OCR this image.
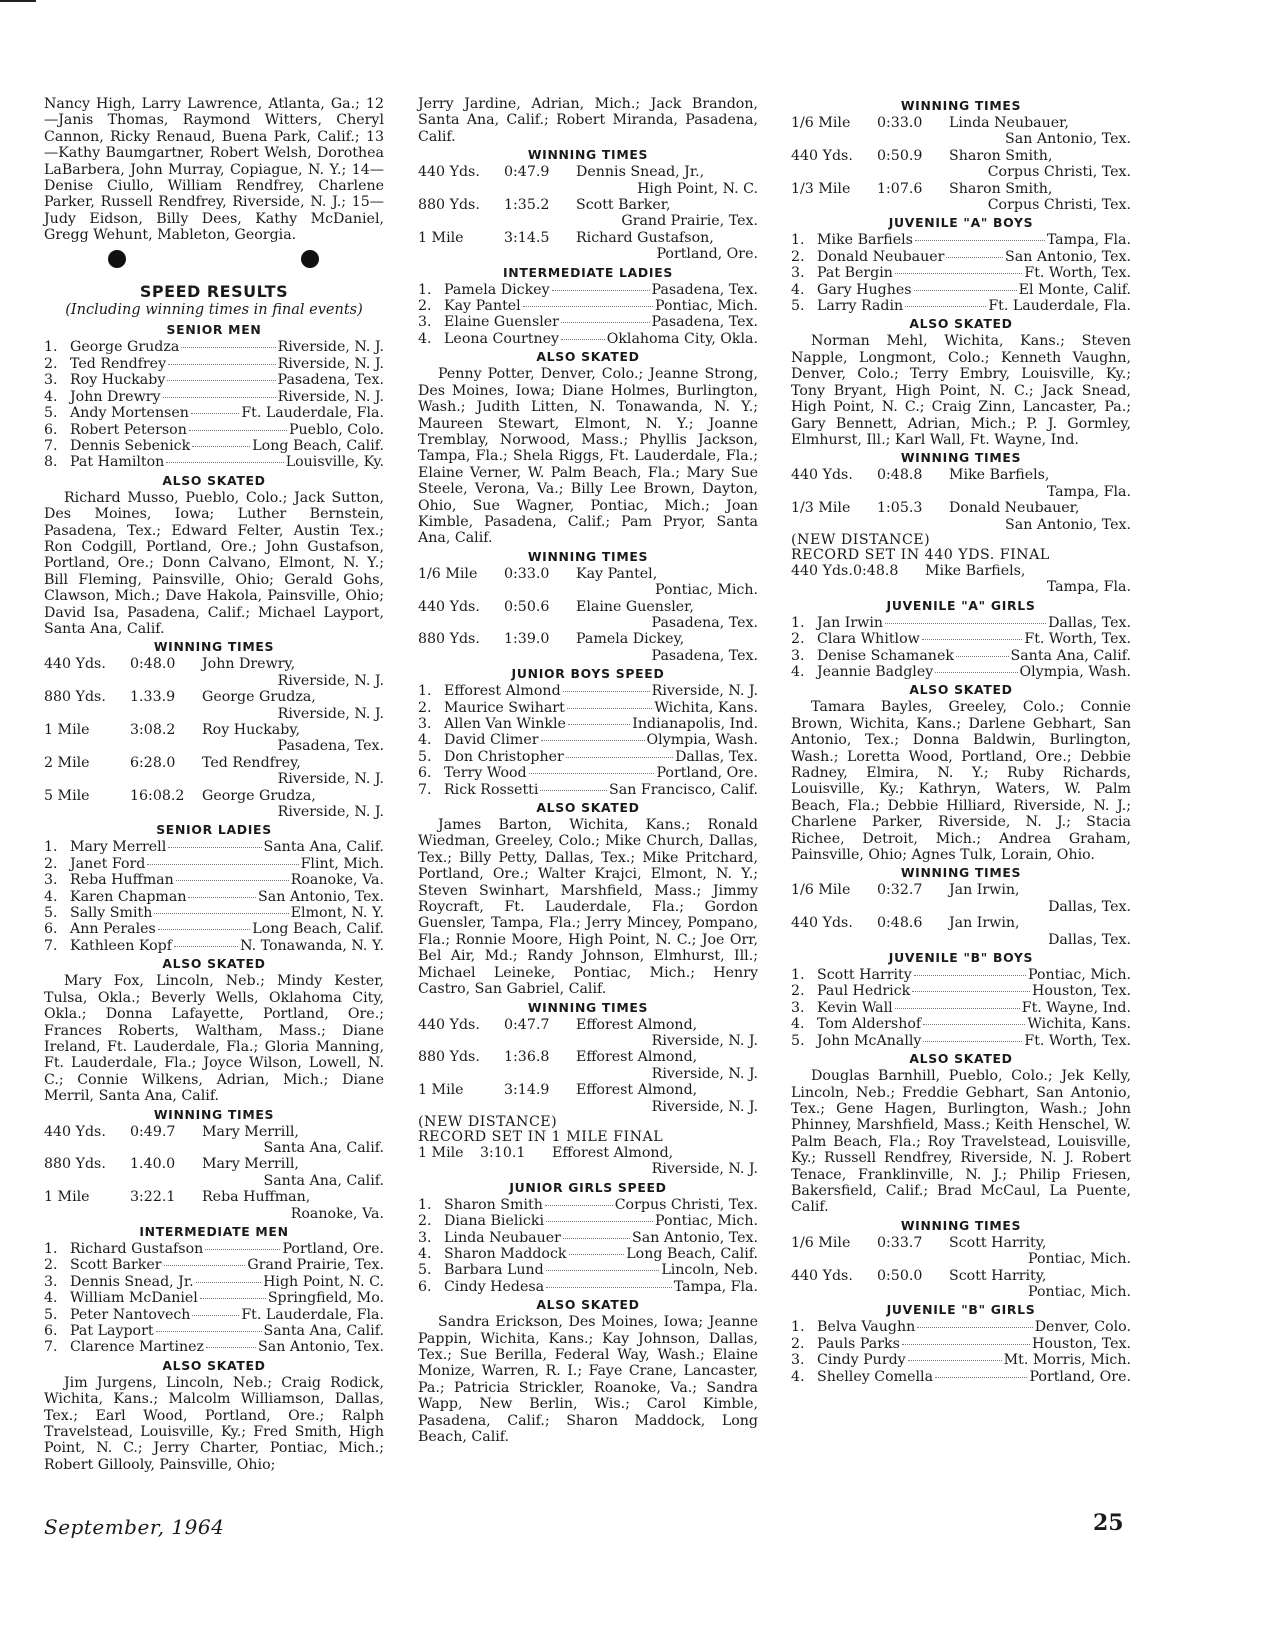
Nancy High, Larry Lawrence, Atlanta, Ga.; 12—Janis Thomas, Raymond Witters, Cheryl Cannon, Ricky Renaud, Buena Park, Calif.; 13—Kathy Baumgartner, Robert Welsh, Dorothea LaBarbera, John Murray, Copiague, N. Y.; 14—Denise Ciullo, William Rendfrey, Charlene Parker, Russell Rendfrey, Riverside, N. J.; 15—Judy Eidson, Billy Dees, Kathy McDaniel, Gregg Wehunt, Mableton, Georgia.

SPEED RESULTS
(Including winning times in final events)
SENIOR MEN
1. George Grudza	Riverside, N. J.
2. Ted Rendfrey	Riverside, N. J.
3. Roy Huckaby	Pasadena, Tex.
4. John Drewry	Riverside, N. J.
5. Andy Mortensen	Ft. Lauderdale, Fla.
6. Robert Peterson	Pueblo, Colo.
7. Dennis Sebenick	Long Beach, Calif.
8. Pat Hamilton	Louisville, Ky.
ALSO SKATED

Richard Musso, Pueblo, Colo.; Jack Sutton, Des Moines, Iowa; Luther Bernstein, Pasadena, Tex.; Edward Felter, Austin Tex.; Ron Codgill, Portland, Ore.; John Gustafson, Portland, Ore.; Donn Calvano, Elmont, N. Y.; Bill Fleming, Painsville, Ohio; Gerald Gohs, Clawson, Mich.; Dave Hakola, Painsville, Ohio; David Isa, Pasadena, Calif.; Michael Layport, Santa Ana, Calif.

WINNING TIMES
440 Yds.	0:48.0	John Drewry,
Riverside, N. J.
880 Yds.	1.33.9	George Grudza,
Riverside, N. J.
1 Mile	3:08.2	Roy Huckaby,
Pasadena, Tex.
2 Mile	6:28.0	Ted Rendfrey,
Riverside, N. J.
5 Mile	16:08.2	George Grudza,
Riverside, N. J.
SENIOR LADIES
1. Mary Merrell	Santa Ana, Calif.
2. Janet Ford	Flint, Mich.
3. Reba Huffman	Roanoke, Va.
4. Karen Chapman	San Antonio, Tex.
5. Sally Smith	Elmont, N. Y.
6. Ann Perales	Long Beach, Calif.
7. Kathleen Kopf	N. Tonawanda, N. Y.
ALSO SKATED

Mary Fox, Lincoln, Neb.; Mindy Kester, Tulsa, Okla.; Beverly Wells, Oklahoma City, Okla.; Donna Lafayette, Portland, Ore.; Frances Roberts, Waltham, Mass.; Diane Ireland, Ft. Lauderdale, Fla.; Gloria Manning, Ft. Lauderdale, Fla.; Joyce Wilson, Lowell, N. C.; Connie Wilkens, Adrian, Mich.; Diane Merril, Santa Ana, Calif.

WINNING TIMES
440 Yds.	0:49.7	Mary Merrill,
Santa Ana, Calif.
880 Yds.	1.40.0	Mary Merrill,
Santa Ana, Calif.
1 Mile	3:22.1	Reba Huffman,
Roanoke, Va.
INTERMEDIATE MEN
1. Richard Gustafson	Portland, Ore.
2. Scott Barker	Grand Prairie, Tex.
3. Dennis Snead, Jr.	High Point, N. C.
4. William McDaniel	Springfield, Mo.
5. Peter Nantovech	Ft. Lauderdale, Fla.
6. Pat Layport	Santa Ana, Calif.
7. Clarence Martinez	San Antonio, Tex.
ALSO SKATED

Jim Jurgens, Lincoln, Neb.; Craig Rodick, Wichita, Kans.; Malcolm Williamson, Dallas, Tex.; Earl Wood, Portland, Ore.; Ralph Travelstead, Louisville, Ky.; Fred Smith, High Point, N. C.; Jerry Charter, Pontiac, Mich.; Robert Gillooly, Painsville, Ohio;

Jerry Jardine, Adrian, Mich.; Jack Brandon, Santa Ana, Calif.; Robert Miranda, Pasadena, Calif.

WINNING TIMES
440 Yds.	0:47.9	Dennis Snead, Jr.,
High Point, N. C.
880 Yds.	1:35.2	Scott Barker,
Grand Prairie, Tex.
1 Mile	3:14.5	Richard Gustafson,
Portland, Ore.
INTERMEDIATE LADIES
1. Pamela Dickey	Pasadena, Tex.
2. Kay Pantel	Pontiac, Mich.
3. Elaine Guensler	Pasadena, Tex.
4. Leona Courtney	Oklahoma City, Okla.
ALSO SKATED

Penny Potter, Denver, Colo.; Jeanne Strong, Des Moines, Iowa; Diane Holmes, Burlington, Wash.; Judith Litten, N. Tonawanda, N. Y.; Maureen Stewart, Elmont, N. Y.; Joanne Tremblay, Norwood, Mass.; Phyllis Jackson, Tampa, Fla.; Shela Riggs, Ft. Lauderdale, Fla.; Elaine Verner, W. Palm Beach, Fla.; Mary Sue Steele, Verona, Va.; Billy Lee Brown, Dayton, Ohio, Sue Wagner, Pontiac, Mich.; Joan Kimble, Pasadena, Calif.; Pam Pryor, Santa Ana, Calif.

WINNING TIMES
1/6 Mile	0:33.0	Kay Pantel,
Pontiac, Mich.
440 Yds.	0:50.6	Elaine Guensler,
Pasadena, Tex.
880 Yds.	1:39.0	Pamela Dickey,
Pasadena, Tex.
JUNIOR BOYS SPEED
1. Efforest Almond	Riverside, N. J.
2. Maurice Swihart	Wichita, Kans.
3. Allen Van Winkle	Indianapolis, Ind.
4. David Climer	Olympia, Wash.
5. Don Christopher	Dallas, Tex.
6. Terry Wood	Portland, Ore.
7. Rick Rossetti	San Francisco, Calif.
ALSO SKATED

James Barton, Wichita, Kans.; Ronald Wiedman, Greeley, Colo.; Mike Church, Dallas, Tex.; Billy Petty, Dallas, Tex.; Mike Pritchard, Portland, Ore.; Walter Krajci, Elmont, N. Y.; Steven Swinhart, Marshfield, Mass.; Jimmy Roycraft, Ft. Lauderdale, Fla.; Gordon Guensler, Tampa, Fla.; Jerry Mincey, Pompano, Fla.; Ronnie Moore, High Point, N. C.; Joe Orr, Bel Air, Md.; Randy Johnson, Elmhurst, Ill.; Michael Leineke, Pontiac, Mich.; Henry Castro, San Gabriel, Calif.

WINNING TIMES
440 Yds.	0:47.7	Efforest Almond,
Riverside, N. J.
880 Yds.	1:36.8	Efforest Almond,
Riverside, N. J.
1 Mile	3:14.9	Efforest Almond,
Riverside, N. J.

(NEW DISTANCE)

RECORD SET IN 1 MILE FINAL

1 Mile	3:10.1	Efforest Almond,
Riverside, N. J.
JUNIOR GIRLS SPEED
1. Sharon Smith	Corpus Christi, Tex.
2. Diana Bielicki	Pontiac, Mich.
3. Linda Neubauer	San Antonio, Tex.
4. Sharon Maddock	Long Beach, Calif.
5. Barbara Lund	Lincoln, Neb.
6. Cindy Hedesa	Tampa, Fla.
ALSO SKATED

Sandra Erickson, Des Moines, Iowa; Jeanne Pappin, Wichita, Kans.; Kay Johnson, Dallas, Tex.; Sue Berilla, Federal Way, Wash.; Elaine Monize, Warren, R. I.; Faye Crane, Lancaster, Pa.; Patricia Strickler, Roanoke, Va.; Sandra Wapp, New Berlin, Wis.; Carol Kimble, Pasadena, Calif.; Sharon Maddock, Long Beach, Calif.

WINNING TIMES
1/6 Mile	0:33.0	Linda Neubauer,
San Antonio, Tex.
440 Yds.	0:50.9	Sharon Smith,
Corpus Christi, Tex.
1/3 Mile	1:07.6	Sharon Smith,
Corpus Christi, Tex.
JUVENILE "A" BOYS
1. Mike Barfiels	Tampa, Fla.
2. Donald Neubauer	San Antonio, Tex.
3. Pat Bergin	Ft. Worth, Tex.
4. Gary Hughes	El Monte, Calif.
5. Larry Radin	Ft. Lauderdale, Fla.
ALSO SKATED

Norman Mehl, Wichita, Kans.; Steven Napple, Longmont, Colo.; Kenneth Vaughn, Denver, Colo.; Terry Embry, Louisville, Ky.; Tony Bryant, High Point, N. C.; Jack Snead, High Point, N. C.; Craig Zinn, Lancaster, Pa.; Gary Bennett, Adrian, Mich.; P. J. Gormley, Elmhurst, Ill.; Karl Wall, Ft. Wayne, Ind.

WINNING TIMES
440 Yds.	0:48.8	Mike Barfiels,
Tampa, Fla.
1/3 Mile	1:05.3	Donald Neubauer,
San Antonio, Tex.

(NEW DISTANCE)

RECORD SET IN 440 YDS. FINAL

440 Yds. 0:48.8	Mike Barfiels,
Tampa, Fla.
JUVENILE "A" GIRLS
1. Jan Irwin	Dallas, Tex.
2. Clara Whitlow	Ft. Worth, Tex.
3. Denise Schamanek	Santa Ana, Calif.
4. Jeannie Badgley	Olympia, Wash.
ALSO SKATED

Tamara Bayles, Greeley, Colo.; Connie Brown, Wichita, Kans.; Darlene Gebhart, San Antonio, Tex.; Donna Baldwin, Burlington, Wash.; Loretta Wood, Portland, Ore.; Debbie Radney, Elmira, N. Y.; Ruby Richards, Louisville, Ky.; Kathryn, Waters, W. Palm Beach, Fla.; Debbie Hilliard, Riverside, N. J.; Charlene Parker, Riverside, N. J.; Stacia Richee, Detroit, Mich.; Andrea Graham, Painsville, Ohio; Agnes Tulk, Lorain, Ohio.

WINNING TIMES
1/6 Mile	0:32.7	Jan Irwin,
Dallas, Tex.
440 Yds.	0:48.6	Jan Irwin,
Dallas, Tex.
JUVENILE "B" BOYS
1. Scott Harrity	Pontiac, Mich.
2. Paul Hedrick	Houston, Tex.
3. Kevin Wall	Ft. Wayne, Ind.
4. Tom Aldershof	Wichita, Kans.
5. John McAnally	Ft. Worth, Tex.
ALSO SKATED

Douglas Barnhill, Pueblo, Colo.; Jek Kelly, Lincoln, Neb.; Freddie Gebhart, San Antonio, Tex.; Gene Hagen, Burlington, Wash.; John Phinney, Marshfield, Mass.; Keith Henschel, W. Palm Beach, Fla.; Roy Travelstead, Louisville, Ky.; Russell Rendfrey, Riverside, N. J. Robert Tenace, Franklinville, N. J.; Philip Friesen, Bakersfield, Calif.; Brad McCaul, La Puente, Calif.

WINNING TIMES
1/6 Mile	0:33.7	Scott Harrity,
Pontiac, Mich.
440 Yds.	0:50.0	Scott Harrity,
Pontiac, Mich.
JUVENILE "B" GIRLS
1. Belva Vaughn	Denver, Colo.
2. Pauls Parks	Houston, Tex.
3. Cindy Purdy	Mt. Morris, Mich.
4. Shelley Comella	Portland, Ore.
September, 1964	25
